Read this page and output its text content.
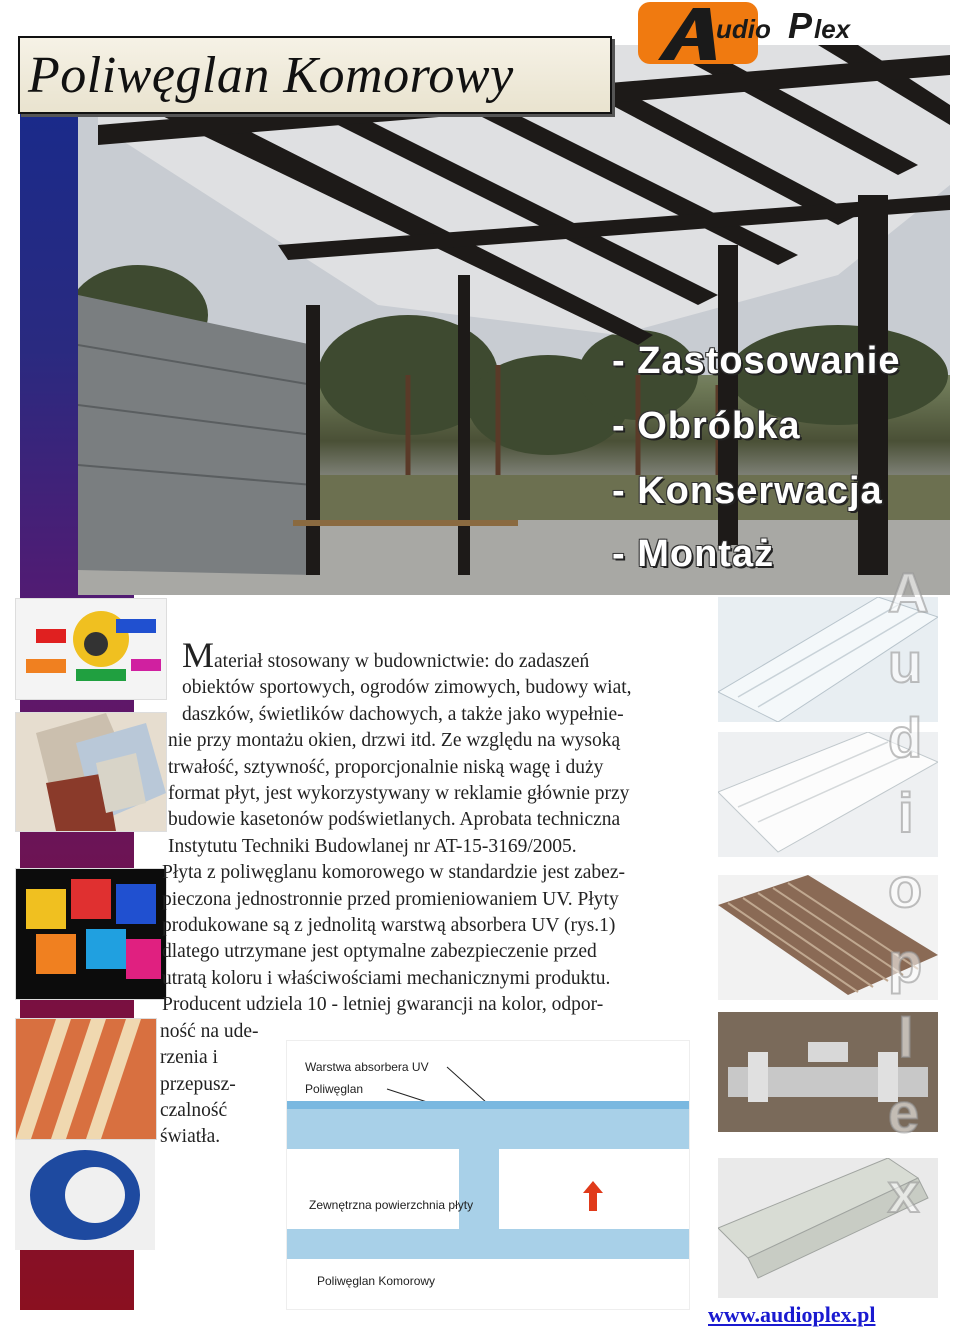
Poliwęglan Komorowy
udio P lex
- Zastosowanie
- Obróbka
- Konserwacja
- Montaż
A
u
d
i
o
p
l
e
x
Materiał stosowany w budownictwie: do zadaszeń
obiektów sportowych, ogrodów zimowych, budowy wiat,
daszków, świetlików dachowych, a także jako wypełnie-
nie przy montażu okien, drzwi itd. Ze względu na wysoką
trwałość, sztywność, proporcjonalnie niską wagę i duży
format płyt, jest wykorzystywany w reklamie głównie przy
budowie kasetonów podświetlanych. Aprobata techniczna
Instytutu Techniki Budowlanej nr AT-15-3169/2005.
Płyta z poliwęglanu komorowego w standardzie jest zabez-
pieczona jednostronnie przed promieniowaniem UV. Płyty
produkowane są z jednolitą warstwą absorbera UV (rys.1)
dlatego utrzymane jest optymalne zabezpieczenie przed
utratą koloru i właściwościami mechanicznymi produktu.
Producent udziela 10 - letniej gwarancji na kolor, odpor-
ność na ude-
rzenia i
przepusz-
czalność
światła.
Warstwa absorbera UV
Poliwęglan
Zewnętrzna powierzchnia płyty
Poliwęglan Komorowy
www.audioplex.pl
